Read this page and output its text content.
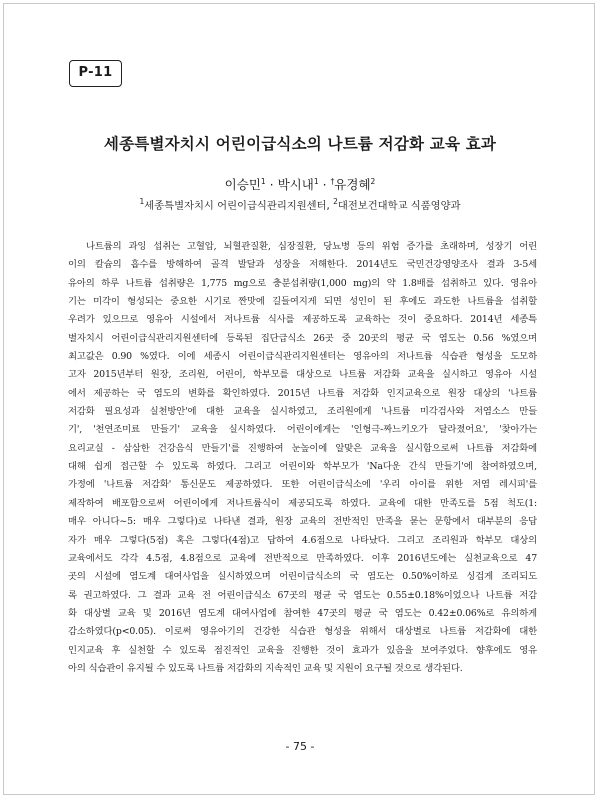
P-11
세종특별자치시 어린이급식소의 나트륨 저감화 교육 효과
이승민$^1$ · 박시내$^1$ · †유경혜$^2$
$^1$세종특별자치시 어린이급식관리지원센터, $^2$대전보건대학교 식품영양과
나트륨의 과잉 섭취는 고혈압, 뇌혈관질환, 심장질환, 당뇨병 등의 위험 증가를 초래하며, 성장기 어린
이의 칼슘의 흡수를 방해하여 골격 발달과 성장을 저해한다. 2014년도 국민건강영양조사 결과 3-5세
유아의 하루 나트륨 섭취량은 1,775 mg으로 충분섭취량(1,000 mg)의 약 1.8배를 섭취하고 있다. 영유아
기는 미각이 형성되는 중요한 시기로 짠맛에 길들여지게 되면 성인이 된 후에도 과도한 나트륨을 섭취할
우려가 있으므로 영유아 시설에서 저나트륨 식사를 제공하도록 교육하는 것이 중요하다. 2014년 세종특
별자치시 어린이급식관리지원센터에 등록된 집단급식소 26곳 중 20곳의 평균 국 염도는 0.56 %였으며
최고값은 0.90 %였다. 이에 세종시 어린이급식관리지원센터는 영유아의 저나트륨 식습관 형성을 도모하
고자 2015년부터 원장, 조리원, 어린이, 학부모를 대상으로 나트륨 저감화 교육을 실시하고 영유아 시설
에서 제공하는 국 염도의 변화를 확인하였다. 2015년 나트륨 저감화 인지교육으로 원장 대상의 '나트륨
저감화 필요성과 실천방안'에 대한 교육을 실시하였고, 조리원에게 '나트륨 미각검사와 저염소스 만들
기', '천연조미료 만들기' 교육을 실시하였다. 어린이에게는 '인형극-짜느키오가 달라졌어요', '찾아가는
요리교실 - 삼삼한 건강음식 만들기'를 진행하여 눈높이에 알맞은 교육을 실시함으로써 나트륨 저감화에
대해 쉽게 접근할 수 있도록 하였다. 그리고 어린이와 학부모가 'Na다운 간식 만들기'에 참여하였으며,
가정에 '나트륨 저감화' 통신문도 제공하였다. 또한 어린이급식소에 '우리 아이를 위한 저염 레시피'를
제작하여 배포함으로써 어린이에게 저나트륨식이 제공되도록 하였다. 교육에 대한 만족도를 5점 척도(1:
매우 아니다~5: 매우 그렇다)로 나타낸 결과, 원장 교육의 전반적인 만족을 묻는 문항에서 대부분의 응답
자가 매우 그렇다(5점) 혹은 그렇다(4점)고 답하여 4.6점으로 나타났다. 그리고 조리원과 학부모 대상의
교육에서도 각각 4.5점, 4.8점으로 교육에 전반적으로 만족하였다. 이후 2016년도에는 실천교육으로 47
곳의 시설에 염도계 대여사업을 실시하였으며 어린이급식소의 국 염도는 0.50%이하로 싱겁게 조리되도
록 권고하였다. 그 결과 교육 전 어린이급식소 67곳의 평균 국 염도는 0.55±0.18%이었으나 나트륨 저감
화 대상별 교육 및 2016년 염도계 대여사업에 참여한 47곳의 평균 국 염도는 0.42±0.06%로 유의하게
감소하였다(p<0.05). 이로써 영유아기의 건강한 식습관 형성을 위해서 대상별로 나트륨 저감화에 대한
인지교육 후 실천할 수 있도록 점진적인 교육을 진행한 것이 효과가 있음을 보여주었다. 향후에도 영유
아의 식습관이 유지될 수 있도록 나트륨 저감화의 지속적인 교육 및 지원이 요구될 것으로 생각된다.
- 75 -
